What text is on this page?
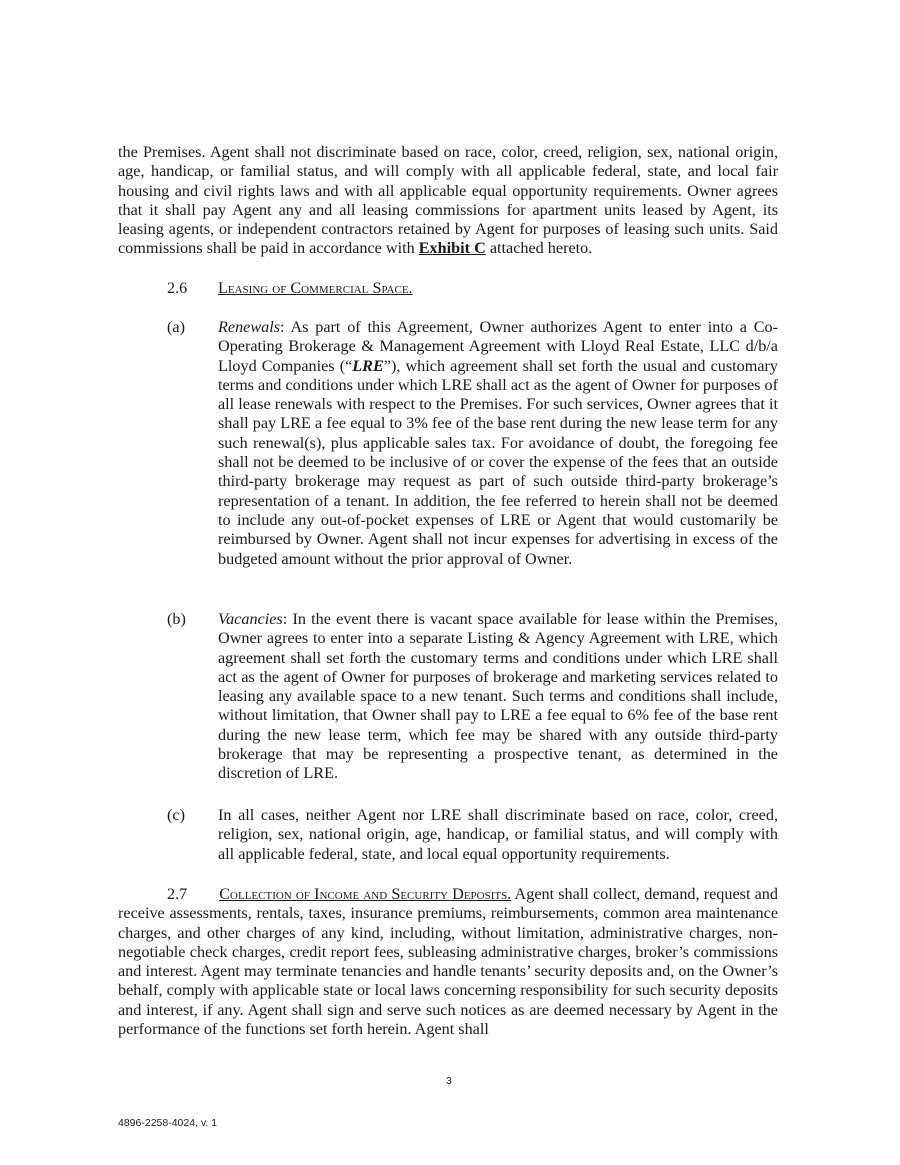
the Premises. Agent shall not discriminate based on race, color, creed, religion, sex, national origin, age, handicap, or familial status, and will comply with all applicable federal, state, and local fair housing and civil rights laws and with all applicable equal opportunity requirements. Owner agrees that it shall pay Agent any and all leasing commissions for apartment units leased by Agent, its leasing agents, or independent contractors retained by Agent for purposes of leasing such units. Said commissions shall be paid in accordance with Exhibit C attached hereto.

2.6 Leasing of Commercial Space.
(a) Renewals: As part of this Agreement, Owner authorizes Agent to enter into a Co-Operating Brokerage & Management Agreement with Lloyd Real Estate, LLC d/b/a Lloyd Companies (“LRE”), which agreement shall set forth the usual and customary terms and conditions under which LRE shall act as the agent of Owner for purposes of all lease renewals with respect to the Premises. For such services, Owner agrees that it shall pay LRE a fee equal to 3% fee of the base rent during the new lease term for any such renewal(s), plus applicable sales tax. For avoidance of doubt, the foregoing fee shall not be deemed to be inclusive of or cover the expense of the fees that an outside third-party brokerage may request as part of such outside third-party brokerage’s representation of a tenant. In addition, the fee referred to herein shall not be deemed to include any out-of-pocket expenses of LRE or Agent that would customarily be reimbursed by Owner. Agent shall not incur expenses for advertising in excess of the budgeted amount without the prior approval of Owner.

(b) Vacancies: In the event there is vacant space available for lease within the Premises, Owner agrees to enter into a separate Listing & Agency Agreement with LRE, which agreement shall set forth the customary terms and conditions under which LRE shall act as the agent of Owner for purposes of brokerage and marketing services related to leasing any available space to a new tenant. Such terms and conditions shall include, without limitation, that Owner shall pay to LRE a fee equal to 6% fee of the base rent during the new lease term, which fee may be shared with any outside third-party brokerage that may be representing a prospective tenant, as determined in the discretion of LRE.

(c) In all cases, neither Agent nor LRE shall discriminate based on race, color, creed, religion, sex, national origin, age, handicap, or familial status, and will comply with all applicable federal, state, and local equal opportunity requirements.

2.7 Collection of Income and Security Deposits. Agent shall collect, demand, request and receive assessments, rentals, taxes, insurance premiums, reimbursements, common area maintenance charges, and other charges of any kind, including, without limitation, administrative charges, non-negotiable check charges, credit report fees, subleasing administrative charges, broker’s commissions and interest. Agent may terminate tenancies and handle tenants’ security deposits and, on the Owner’s behalf, comply with applicable state or local laws concerning responsibility for such security deposits and interest, if any. Agent shall sign and serve such notices as are deemed necessary by Agent in the performance of the functions set forth herein. Agent shall

3
4896-2258-4024, v. 1
